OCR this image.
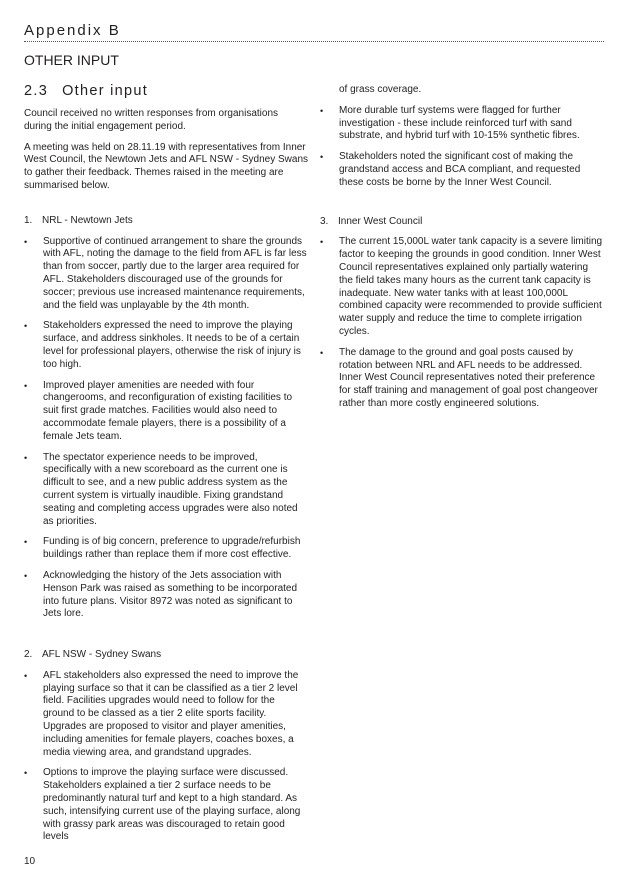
Appendix B
OTHER INPUT
2.3 Other input

Council received no written responses from organisations during the initial engagement period.

A meeting was held on 28.11.19 with representatives from Inner West Council, the Newtown Jets and AFL NSW - Sydney Swans to gather their feedback. Themes raised in the meeting are summarised below.

1. NRL - Newtown Jets
• Supportive of continued arrangement to share the grounds with AFL, noting the damage to the field from AFL is far less than from soccer, partly due to the larger area required for AFL. Stakeholders discouraged use of the grounds for soccer; previous use increased maintenance requirements, and the field was unplayable by the 4th month.
• Stakeholders expressed the need to improve the playing surface, and address sinkholes. It needs to be of a certain level for professional players, otherwise the risk of injury is too high.
• Improved player amenities are needed with four changerooms, and reconfiguration of existing facilities to suit first grade matches. Facilities would also need to accommodate female players, there is a possibility of a female Jets team.
• The spectator experience needs to be improved, specifically with a new scoreboard as the current one is difficult to see, and a new public address system as the current system is virtually inaudible. Fixing grandstand seating and completing access upgrades were also noted as priorities.
• Funding is of big concern, preference to upgrade/refurbish buildings rather than replace them if more cost effective.
• Acknowledging the history of the Jets association with Henson Park was raised as something to be incorporated into future plans. Visitor 8972 was noted as significant to Jets lore.
2. AFL NSW - Sydney Swans
• AFL stakeholders also expressed the need to improve the playing surface so that it can be classified as a tier 2 level field. Facilities upgrades would need to follow for the ground to be classed as a tier 2 elite sports facility. Upgrades are proposed to visitor and player amenities, including amenities for female players, coaches boxes, a media viewing area, and grandstand upgrades.
• Options to improve the playing surface were discussed. Stakeholders explained a tier 2 surface needs to be predominantly natural turf and kept to a high standard. As such, intensifying current use of the playing surface, along with grassy park areas was discouraged to retain good levels

of grass coverage.

• More durable turf systems were flagged for further investigation - these include reinforced turf with sand substrate, and hybrid turf with 10-15% synthetic fibres.
• Stakeholders noted the significant cost of making the grandstand access and BCA compliant, and requested these costs be borne by the Inner West Council.
3. Inner West Council
• The current 15,000L water tank capacity is a severe limiting factor to keeping the grounds in good condition. Inner West Council representatives explained only partially watering the field takes many hours as the current tank capacity is inadequate. New water tanks with at least 100,000L combined capacity were recommended to provide sufficient water supply and reduce the time to complete irrigation cycles.
• The damage to the ground and goal posts caused by rotation between NRL and AFL needs to be addressed. Inner West Council representatives noted their preference for staff training and management of goal post changeover rather than more costly engineered solutions.
10
